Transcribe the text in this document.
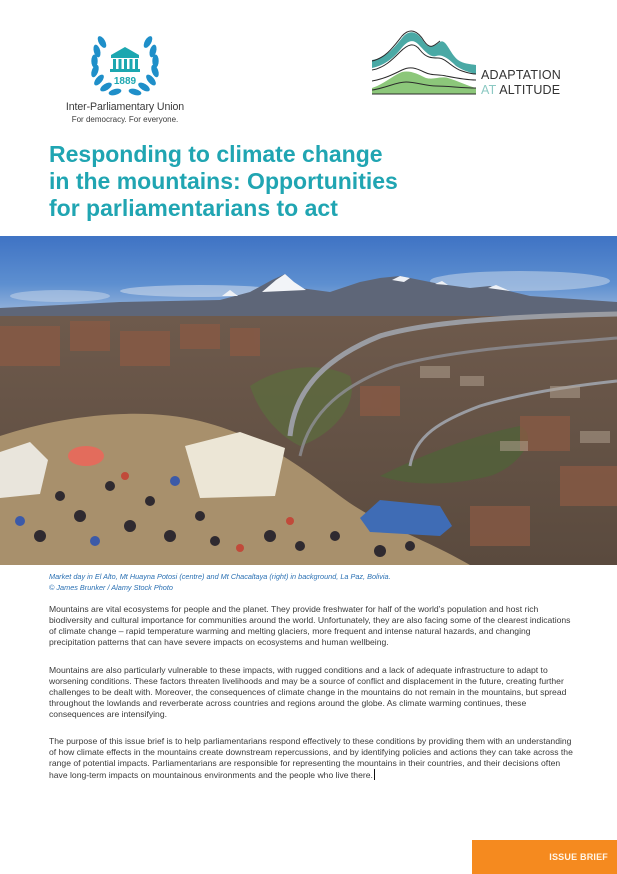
1889
Inter-Parliamentary Union
For democracy. For everyone.
ADAPTATION
AT ALTITUDE
Responding to climate change
in the mountains: Opportunities
for parliamentarians to act
Market day in El Alto, Mt Huayna Potosi (centre) and Mt Chacaltaya (right) in background, La Paz, Bolivia.
© James Brunker / Alamy Stock Photo

Mountains are vital ecosystems for people and the planet. They provide freshwater for half of the world’s population and host rich biodiversity and cultural importance for communities around the world. Unfortunately, they are also facing some of the clearest indications of climate change – rapid temperature warming and melting glaciers, more frequent and intense natural hazards, and changing precipitation patterns that can have severe impacts on ecosystems and human wellbeing.

Mountains are also particularly vulnerable to these impacts, with rugged conditions and a lack of adequate infrastructure to adapt to worsening conditions. These factors threaten livelihoods and may be a source of conflict and displacement in the future, creating further challenges to be dealt with. Moreover, the consequences of climate change in the mountains do not remain in the mountains, but spread throughout the lowlands and reverberate across countries and regions around the globe. As climate warming continues, these consequences are intensifying.

The purpose of this issue brief is to help parliamentarians respond effectively to these conditions by providing them with an understanding of how climate effects in the mountains create downstream repercussions, and by identifying policies and actions they can take across the range of potential impacts. Parliamentarians are responsible for representing the mountains in their countries, and their decisions often have long-term impacts on mountainous environments and the people who live there.

ISSUE BRIEF
